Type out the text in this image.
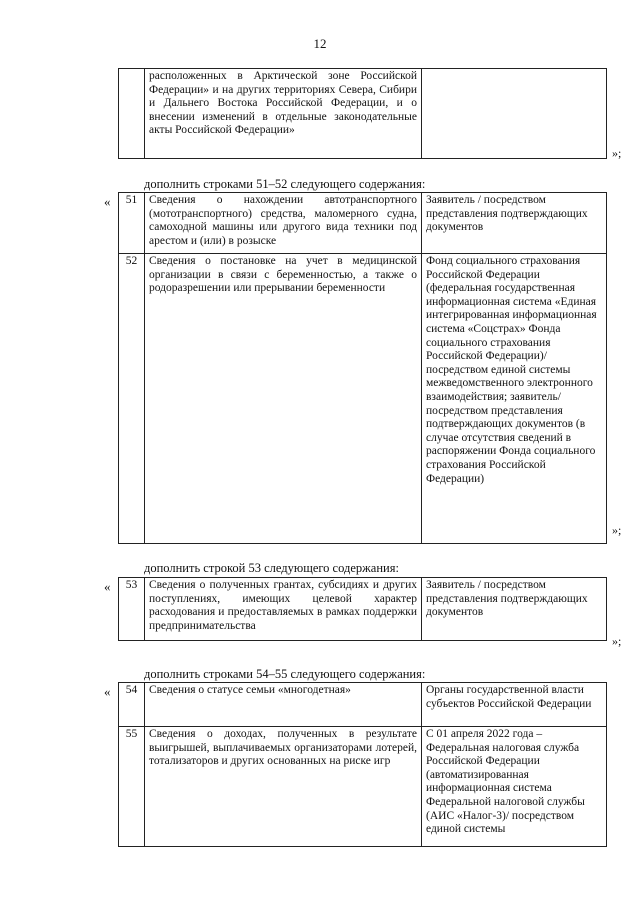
12
	расположенных в Арктической зоне Российской Федерации» и на других территориях Севера, Сибири и Дальнего Востока Российской Федерации, и о внесении изменений в отдельные законодательные акты Российской Федерации»	
»;
дополнить строками 51–52 следующего содержания:
« 51	Сведения о нахождении автотранспортного (мототранспортного) средства, маломерного судна, самоходной машины или другого вида техники под арестом и (или) в розыске	Заявитель / посредством представления подтверждающих документов
52	Сведения о постановке на учет в медицинской организации в связи с беременностью, а также о родоразрешении или прерывании беременности	Фонд социального страхования Российской Федерации (федеральная государственная информационная система «Единая интегрированная информационная система «Соцстрах» Фонда социального страхования Российской Федерации)/посредством единой системы межведомственного электронного взаимодействия; заявитель/посредством представления подтверждающих документов (в случае отсутствия сведений в распоряжении Фонда социального страхования Российской Федерации)
»;
дополнить строкой 53 следующего содержания:
« 53	Сведения о полученных грантах, субсидиях и других поступлениях, имеющих целевой характер расходования и предоставляемых в рамках поддержки предпринимательства	Заявитель / посредством представления подтверждающих документов
»;
дополнить строками 54–55 следующего содержания:
« 54	Сведения о статусе семьи «многодетная»	Органы государственной власти субъектов Российской Федерации
55	Сведения о доходах, полученных в результате выигрышей, выплачиваемых организаторами лотерей, тотализаторов и других основанных на риске игр	С 01 апреля 2022 года – Федеральная налоговая служба Российской Федерации (автоматизированная информационная система Федеральной налоговой службы (АИС «Налог-3)/ посредством единой системы
